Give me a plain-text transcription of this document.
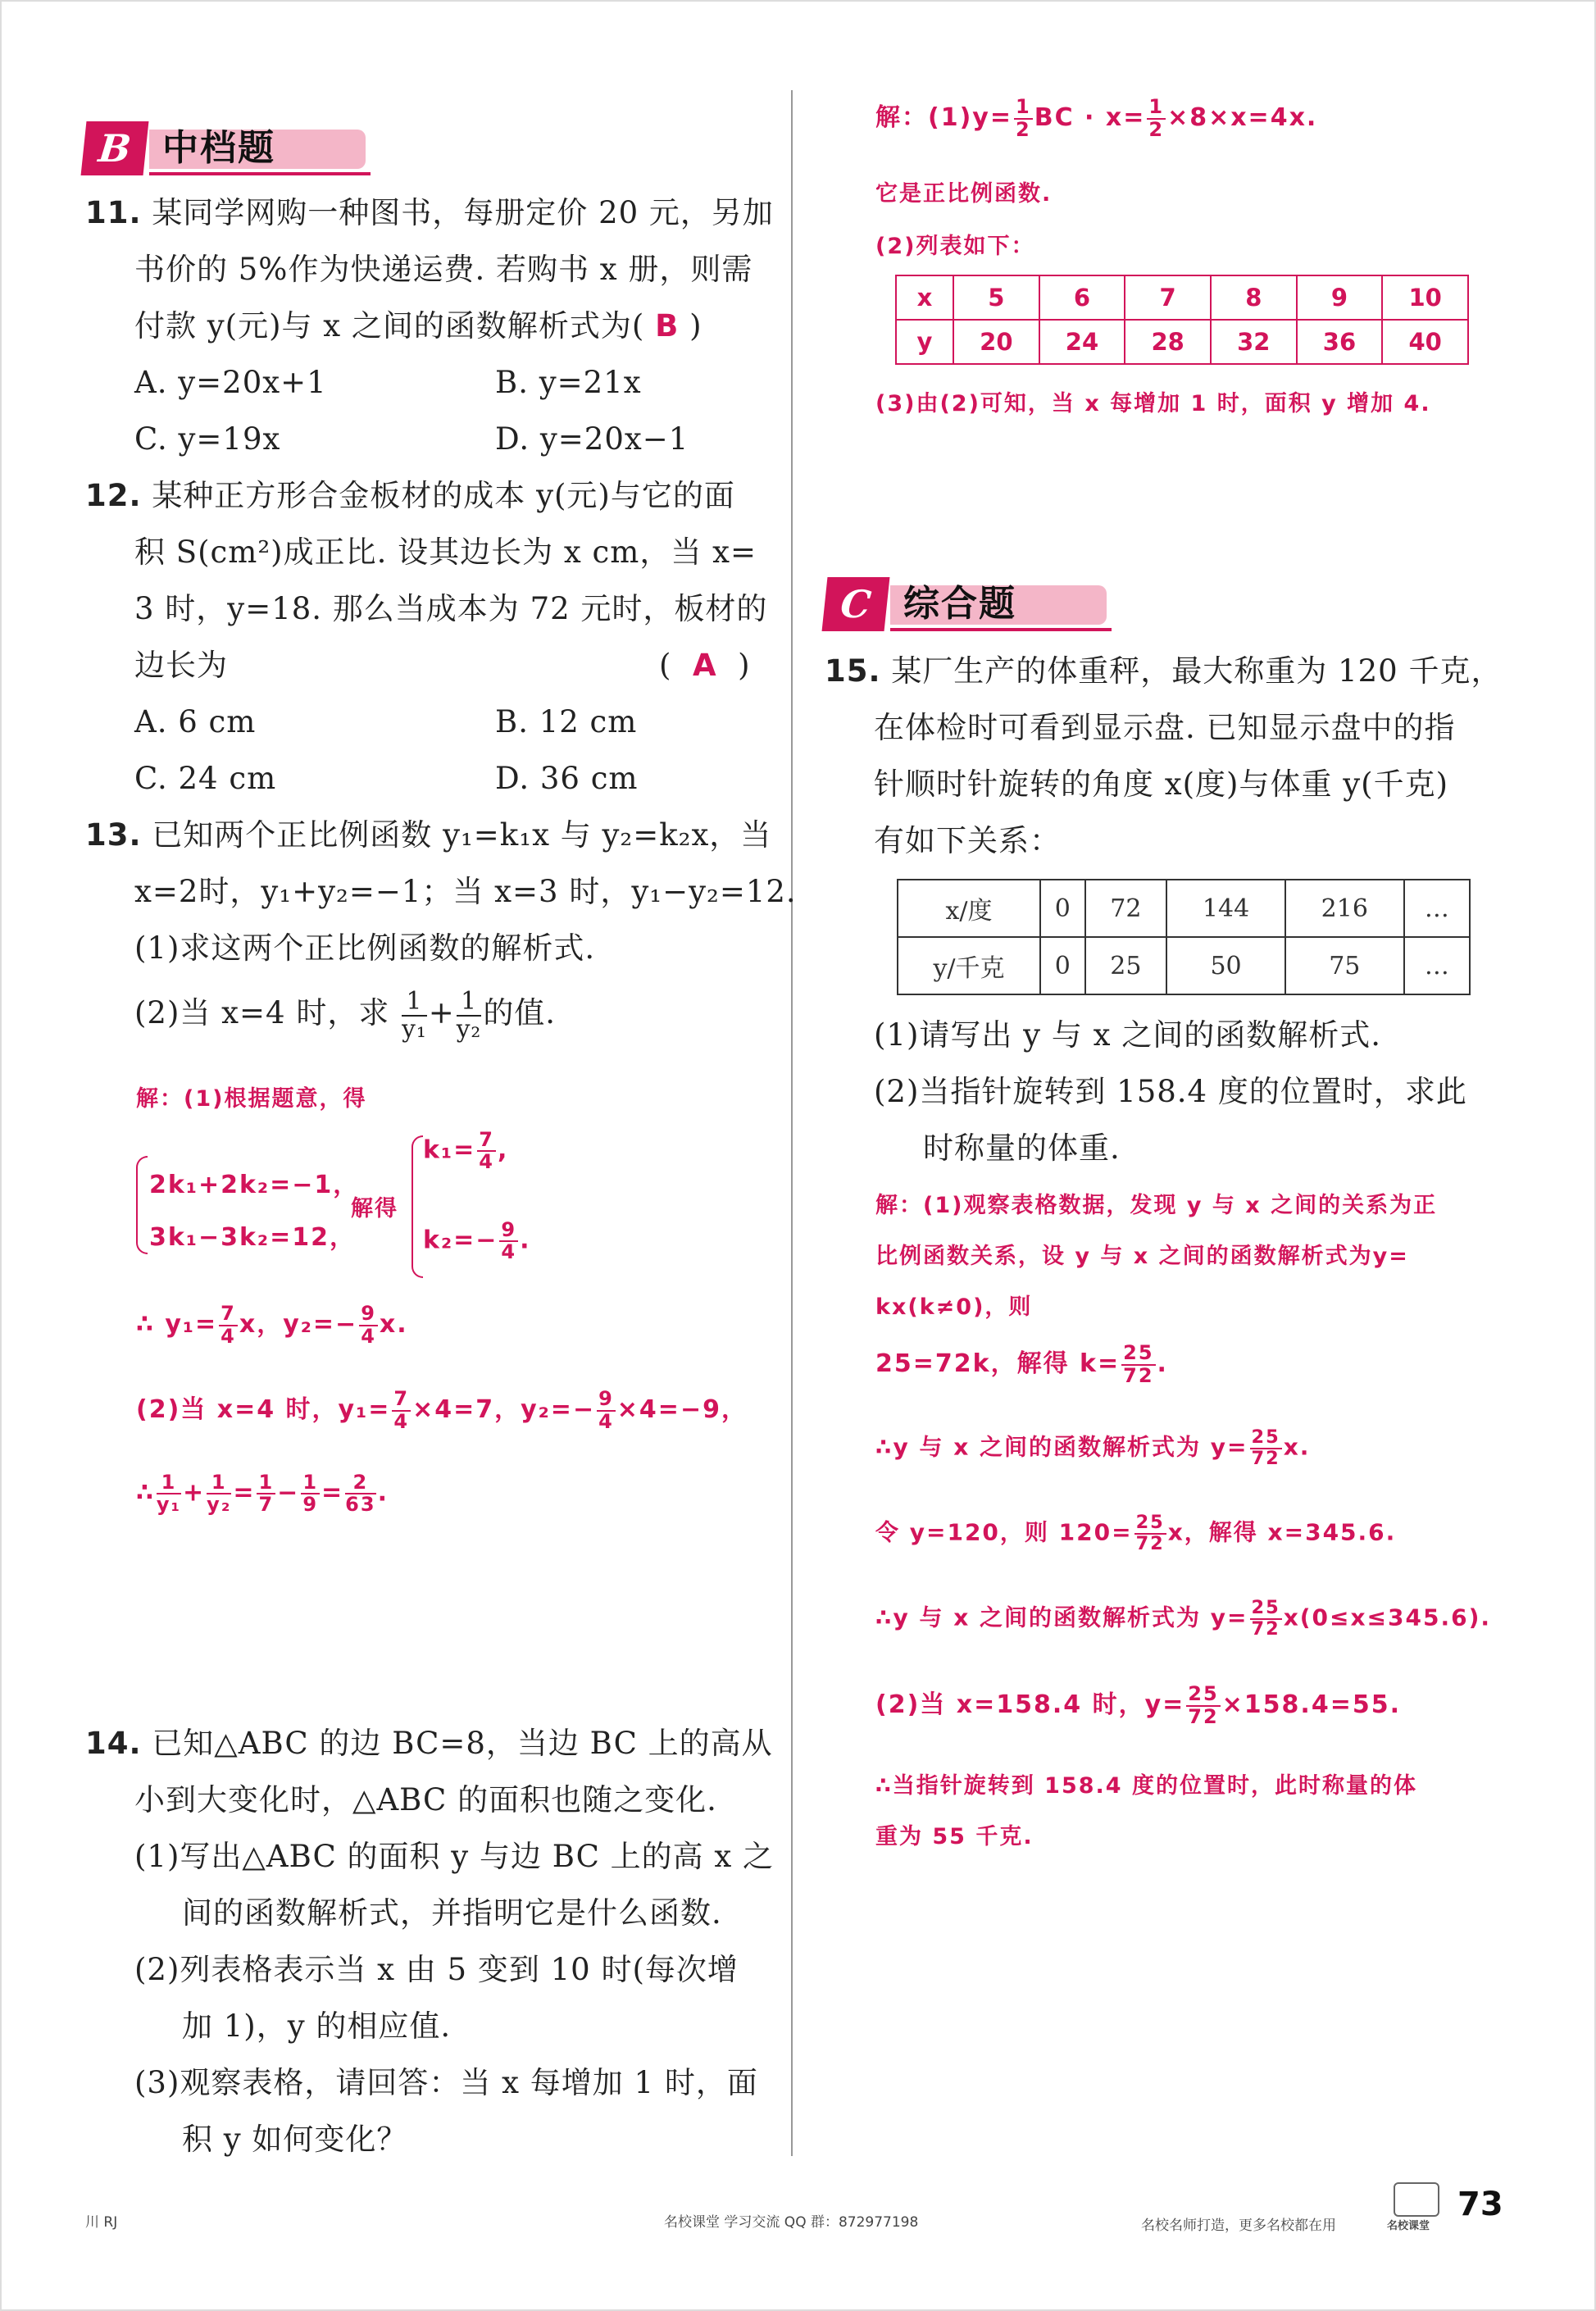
B 中档题
11. 某同学网购一种图书，每册定价 20 元，另加
书价的 5%作为快递运费. 若购书 x 册，则需
付款 y(元)与 x 之间的函数解析式为( B )
A. y=20x+1	B. y=21x
C. y=19x	D. y=20x−1
12. 某种正方形合金板材的成本 y(元)与它的面
积 S(cm²)成正比. 设其边长为 x cm，当 x=
3 时，y=18. 那么当成本为 72 元时，板材的
边长为	( A )
A. 6 cm	B. 12 cm
C. 24 cm	D. 36 cm
13. 已知两个正比例函数 y₁=k₁x 与 y₂=k₂x，当
x=2时，y₁+y₂=−1；当 x=3 时，y₁−y₂=12.
(1)求这两个正比例函数的解析式.
(2)当 x=4 时，求 $\frac{1}{\text{y₁}} + \frac{1}{\text{y₂}}$ 的值.
解：(1)根据题意，得
2k₁+2k₂=−1，
3k₁−3k₂=12，
解得
$k_1= \frac{7}{4}$ ,
$k_2=- \frac{9}{4}$ .
∴ $y_1= \frac{7}{4}$ x，$y_2=- \frac{9}{4} x$.
(2)当 x=4 时，$y_1= \frac{7}{4} \times 4=7$，$y_2=- \frac{9}{4} \times 4=-9$，
∴ $\frac{1}{\text{y₁}} + \frac{1}{\text{y₂}} = \frac{1}{7} - \frac{1}{9} = \frac{2}{63}$ .
14. 已知△ABC 的边 BC=8，当边 BC 上的高从
小到大变化时，△ABC 的面积也随之变化.
(1)写出△ABC 的面积 y 与边 BC 上的高 x 之
间的函数解析式，并指明它是什么函数.
(2)列表格表示当 x 由 5 变到 10 时(每次增
加 1)，y 的相应值.
(3)观察表格，请回答：当 x 每增加 1 时，面
积 y 如何变化？
解：$(1)y= \frac{1}{2}$ BC · $x= \frac{1}{2} \times 8\times x=4x$.
它是正比例函数.
(2)列表如下：
x	5	6	7	8	9	10
y	20	24	28	32	36	40
(3)由(2)可知，当 x 每增加 1 时，面积 y 增加 4.
C 综合题
15. 某厂生产的体重秤，最大称重为 120 千克，
在体检时可看到显示盘. 已知显示盘中的指
针顺时针旋转的角度 x(度)与体重 y(千克)
有如下关系：
x/度	0	72	144	216	…
y/千克	0	25	50	75	…
(1)请写出 y 与 x 之间的函数解析式.
(2)当指针旋转到 158.4 度的位置时，求此
时称量的体重.
解：(1)观察表格数据，发现 y 与 x 之间的关系为正
比例函数关系，设 y 与 x 之间的函数解析式为y=
kx(k≠0)，则
25=72k，解得 $k= \frac{25}{72}$ .
∴y 与 x 之间的函数解析式为 $y= \frac{25}{72} x$.
令 y=120，则 $120= \frac{25}{72}$ x，解得 x=345.6.
∴y 与 x 之间的函数解析式为 $y= \frac{25}{72} x(0\le x\le 345.6)$.
(2)当 x=158.4 时，$y= \frac{25}{72} \times 158.4=55$.
∴当指针旋转到 158.4 度的位置时，此时称量的体
重为 55 千克.
川 RJ	名校课堂 学习交流 QQ 群：872977198	名校名师打造，更多名校都在用	名校课堂
73
